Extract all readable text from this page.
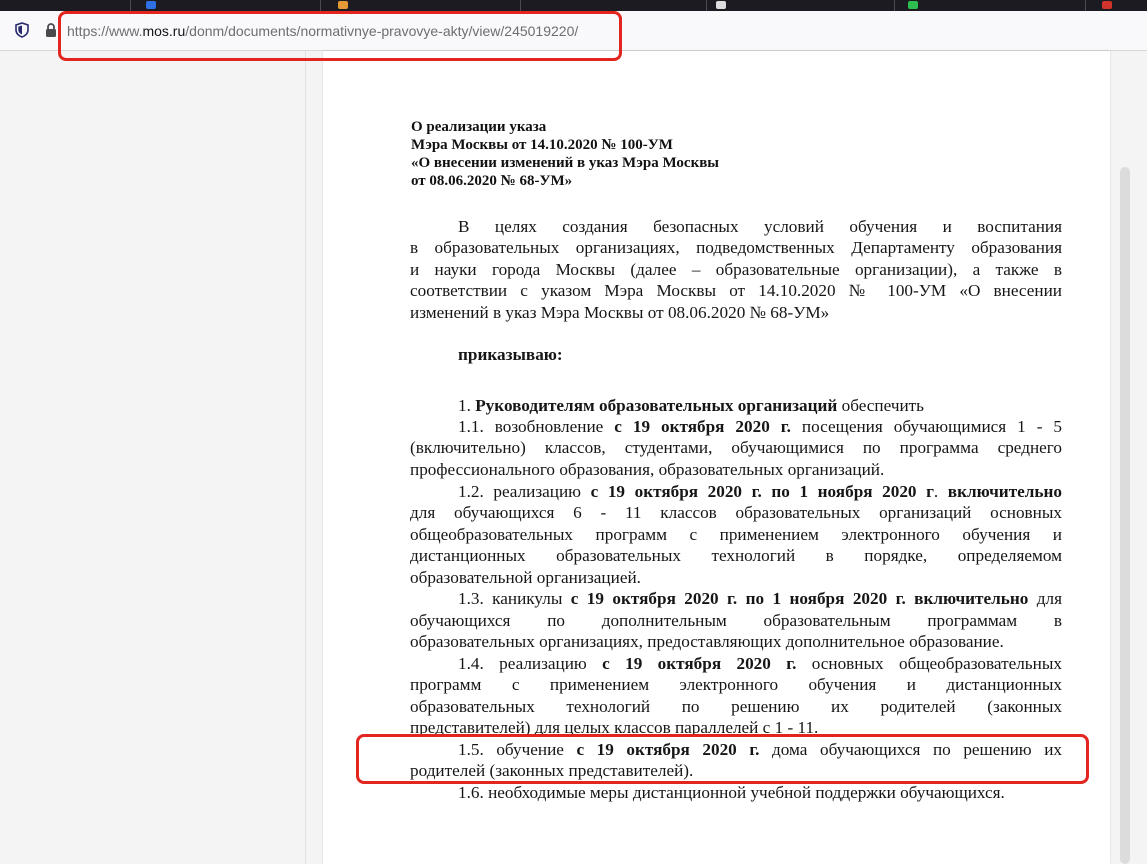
https://www.mos.ru/donm/documents/normativnye-pravovye-akty/view/245019220/
О реализации указа
Мэра Москвы от 14.10.2020 № 100-УМ
«О внесении изменений в указ Мэра Москвы
от 08.06.2020 № 68-УМ»
В целях создания безопасных условий обучения и воспитания
в образовательных организациях, подведомственных Департаменту образования
и науки города Москвы (далее – образовательные организации), а также в
соответствии с указом Мэра Москвы от 14.10.2020 № 100-УМ «О внесении
изменений в указ Мэра Москвы от 08.06.2020 № 68-УМ»
приказываю:
1. Руководителям образовательных организаций обеспечить
1.1. возобновление с 19 октября 2020 г. посещения обучающимися 1 - 5
(включительно) классов, студентами, обучающимися по программа среднего
профессионального образования, образовательных организаций.
1.2. реализацию с 19 октября 2020 г. по 1 ноября 2020 г. включительно
для обучающихся 6 - 11 классов образовательных организаций основных
общеобразовательных программ с применением электронного обучения и
дистанционных образовательных технологий в порядке, определяемом
образовательной организацией.
1.3. каникулы с 19 октября 2020 г. по 1 ноября 2020 г. включительно для
обучающихся по дополнительным образовательным программам в
образовательных организациях, предоставляющих дополнительное образование.
1.4. реализацию с 19 октября 2020 г. основных общеобразовательных
программ с применением электронного обучения и дистанционных
образовательных технологий по решению их родителей (законных
представителей) для целых классов параллелей с 1 - 11.
1.5. обучение с 19 октября 2020 г. дома обучающихся по решению их
родителей (законных представителей).
1.6. необходимые меры дистанционной учебной поддержки обучающихся.
